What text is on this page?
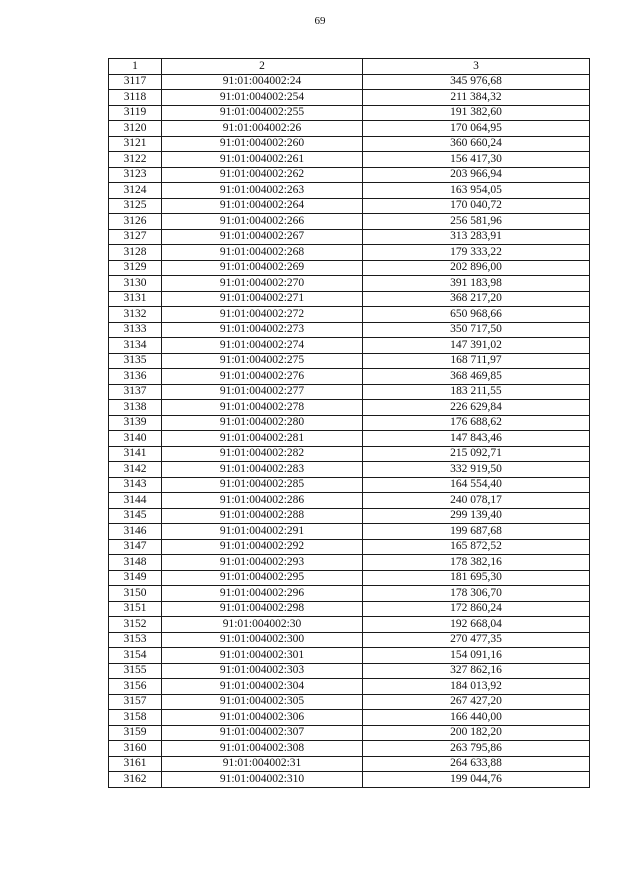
69
1	2	3
3117	91:01:004002:24	345 976,68
3118	91:01:004002:254	211 384,32
3119	91:01:004002:255	191 382,60
3120	91:01:004002:26	170 064,95
3121	91:01:004002:260	360 660,24
3122	91:01:004002:261	156 417,30
3123	91:01:004002:262	203 966,94
3124	91:01:004002:263	163 954,05
3125	91:01:004002:264	170 040,72
3126	91:01:004002:266	256 581,96
3127	91:01:004002:267	313 283,91
3128	91:01:004002:268	179 333,22
3129	91:01:004002:269	202 896,00
3130	91:01:004002:270	391 183,98
3131	91:01:004002:271	368 217,20
3132	91:01:004002:272	650 968,66
3133	91:01:004002:273	350 717,50
3134	91:01:004002:274	147 391,02
3135	91:01:004002:275	168 711,97
3136	91:01:004002:276	368 469,85
3137	91:01:004002:277	183 211,55
3138	91:01:004002:278	226 629,84
3139	91:01:004002:280	176 688,62
3140	91:01:004002:281	147 843,46
3141	91:01:004002:282	215 092,71
3142	91:01:004002:283	332 919,50
3143	91:01:004002:285	164 554,40
3144	91:01:004002:286	240 078,17
3145	91:01:004002:288	299 139,40
3146	91:01:004002:291	199 687,68
3147	91:01:004002:292	165 872,52
3148	91:01:004002:293	178 382,16
3149	91:01:004002:295	181 695,30
3150	91:01:004002:296	178 306,70
3151	91:01:004002:298	172 860,24
3152	91:01:004002:30	192 668,04
3153	91:01:004002:300	270 477,35
3154	91:01:004002:301	154 091,16
3155	91:01:004002:303	327 862,16
3156	91:01:004002:304	184 013,92
3157	91:01:004002:305	267 427,20
3158	91:01:004002:306	166 440,00
3159	91:01:004002:307	200 182,20
3160	91:01:004002:308	263 795,86
3161	91:01:004002:31	264 633,88
3162	91:01:004002:310	199 044,76
